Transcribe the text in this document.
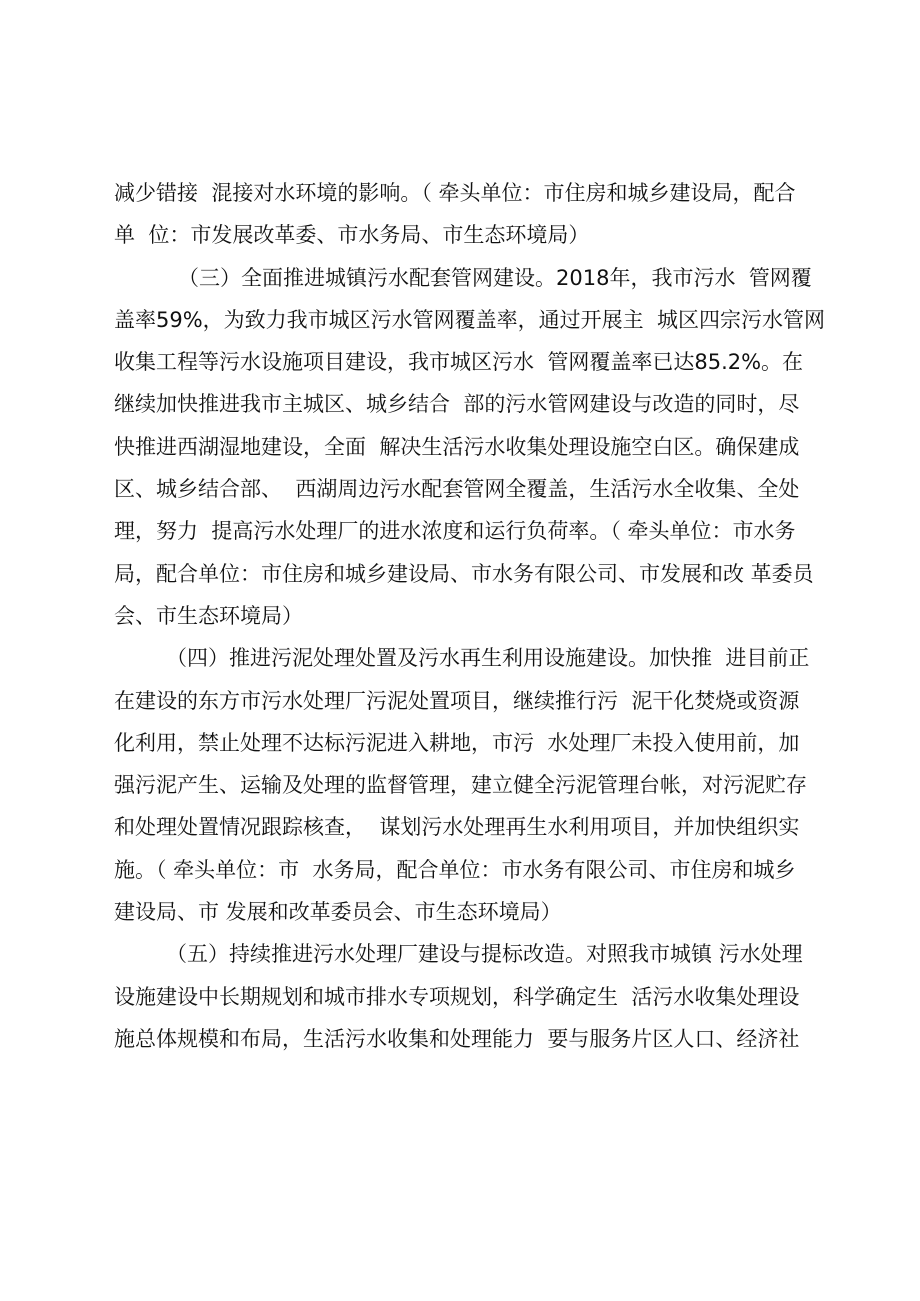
减少错接  混接对水环境的影响。（ 牵头单位：市住房和城乡建设局，配合
单  位：市发展改革委、市水务局、市生态环境局）
（三）全面推进城镇污水配套管网建设。2018年，我市污水  管网覆
盖率59%，为致力我市城区污水管网覆盖率，通过开展主  城区四宗污水管网
收集工程等污水设施项目建设，我市城区污水  管网覆盖率已达85.2%。在
继续加快推进我市主城区、城乡结合  部的污水管网建设与改造的同时，尽
快推进西湖湿地建设，全面  解决生活污水收集处理设施空白区。确保建成
区、城乡结合部、  西湖周边污水配套管网全覆盖，生活污水全收集、全处
理，努力  提高污水处理厂的进水浓度和运行负荷率。（ 牵头单位：市水务
局，配合单位：市住房和城乡建设局、市水务有限公司、市发展和改 革委员
会、市生态环境局）
（四）推进污泥处理处置及污水再生利用设施建设。加快推  进目前正
在建设的东方市污水处理厂污泥处置项目，继续推行污  泥干化焚烧或资源
化利用，禁止处理不达标污泥进入耕地，市污  水处理厂未投入使用前，加
强污泥产生、运输及处理的监督管理，建立健全污泥管理台帐，对污泥贮存
和处理处置情况跟踪核查，  谋划污水处理再生水利用项目，并加快组织实
施。（ 牵头单位：市  水务局，配合单位：市水务有限公司、市住房和城乡
建设局、市 发展和改革委员会、市生态环境局）
（五）持续推进污水处理厂建设与提标改造。对照我市城镇 污水处理
设施建设中长期规划和城市排水专项规划，科学确定生  活污水收集处理设
施总体规模和布局，生活污水收集和处理能力  要与服务片区人口、经济社
